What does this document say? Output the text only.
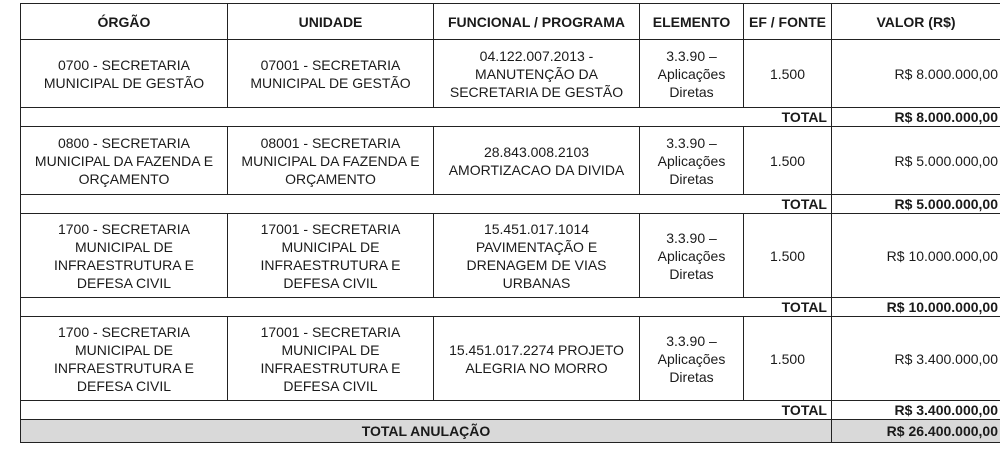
ÓRGÃO	UNIDADE	FUNCIONAL / PROGRAMA	ELEMENTO	EF / FONTE	VALOR (R$)
0700 - SECRETARIA MUNICIPAL DE GESTÃO	07001 - SECRETARIA MUNICIPAL DE GESTÃO	04.122.007.2013 - MANUTENÇÃO DA SECRETARIA DE GESTÃO	3.3.90 – Aplicações Diretas	1.500	R$ 8.000.000,00
				TOTAL	R$ 8.000.000,00
0800 - SECRETARIA MUNICIPAL DA FAZENDA E ORÇAMENTO	08001 - SECRETARIA MUNICIPAL DA FAZENDA E ORÇAMENTO	28.843.008.2103 AMORTIZACAO DA DIVIDA	3.3.90 – Aplicações Diretas	1.500	R$ 5.000.000,00
				TOTAL	R$ 5.000.000,00
1700 - SECRETARIA MUNICIPAL DE INFRAESTRUTURA E DEFESA CIVIL	17001 - SECRETARIA MUNICIPAL DE INFRAESTRUTURA E DEFESA CIVIL	15.451.017.1014 PAVIMENTAÇÃO E DRENAGEM DE VIAS URBANAS	3.3.90 – Aplicações Diretas	1.500	R$ 10.000.000,00
				TOTAL	R$ 10.000.000,00
1700 - SECRETARIA MUNICIPAL DE INFRAESTRUTURA E DEFESA CIVIL	17001 - SECRETARIA MUNICIPAL DE INFRAESTRUTURA E DEFESA CIVIL	15.451.017.2274 PROJETO ALEGRIA NO MORRO	3.3.90 – Aplicações Diretas	1.500	R$ 3.400.000,00
				TOTAL	R$ 3.400.000,00
TOTAL ANULAÇÃO					R$ 26.400.000,00
